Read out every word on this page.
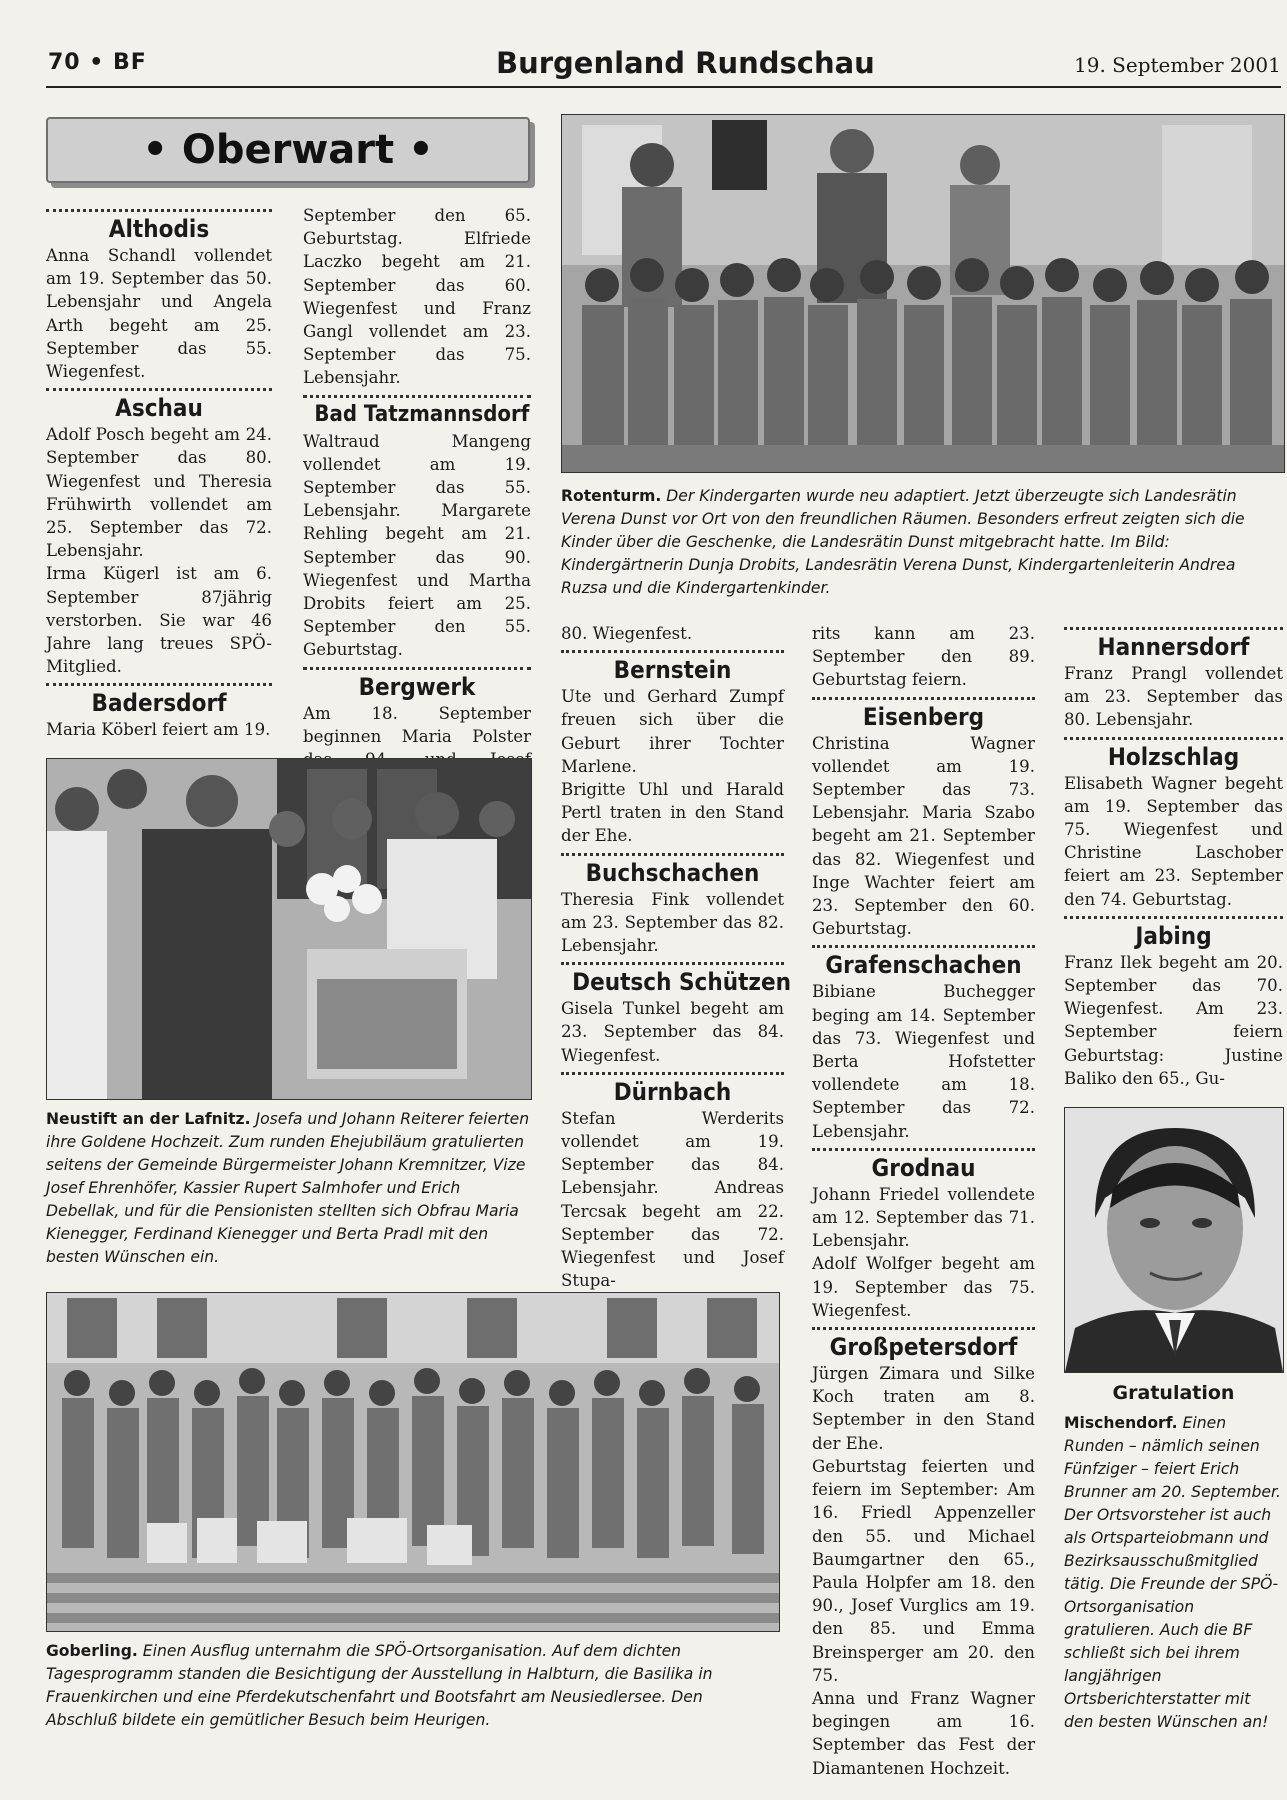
70 • BF	Burgenland Rundschau	19. September 2001
• Oberwart •
Althodis

Anna Schandl vollendet am 19. September das 50. Lebensjahr und Angela Arth begeht am 25. September das 55. Wiegenfest.

Aschau

Adolf Posch begeht am 24. September das 80. Wiegenfest und Theresia Frühwirth vollendet am 25. September das 72. Lebensjahr.

Irma Kügerl ist am 6. September 87jährig verstorben. Sie war 46 Jahre lang treues SPÖ-Mitglied.

Badersdorf

Maria Köberl feiert am 19.

September den 65. Geburtstag. Elfriede Laczko begeht am 21. September das 60. Wiegenfest und Franz Gangl vollendet am 23. September das 75. Lebensjahr.

Bad Tatzmannsdorf

Waltraud Mangeng vollendet am 19. September das 55. Lebensjahr. Margarete Rehling begeht am 21. September das 90. Wiegenfest und Martha Drobits feiert am 25. September den 55. Geburtstag.

Bergwerk

Am 18. September beginnen Maria Polster

Rotenturm. Der Kindergarten wurde neu adaptiert. Jetzt überzeugte sich Landesrätin Verena Dunst vor Ort von den freundlichen Räumen. Besonders erfreut zeigten sich die Kinder über die Geschenke, die Landesrätin Dunst mitgebracht hatte. Im Bild: Kindergärtnerin Dunja Drobits, Landesrätin Verena Dunst, Kindergartenleiterin Andrea Ruzsa und die Kindergartenkinder.
Neustift an der Lafnitz. Josefa und Johann Reiterer feierten ihre Goldene Hochzeit. Zum runden Ehejubiläum gratulierten seitens der Gemeinde Bürgermeister Johann Kremnitzer, Vize Josef Ehrenhöfer, Kassier Rupert Salmhofer und Erich Debellak, und für die Pensionisten stellten sich Obfrau Maria Kienegger, Ferdinand Kienegger und Berta Pradl mit den besten Wünschen ein.
Goberling. Einen Ausflug unternahm die SPÖ-Ortsorganisation. Auf dem dichten Tagesprogramm standen die Besichtigung der Ausstellung in Halbturn, die Basilika in Frauenkirchen und eine Pferdekutschenfahrt und Bootsfahrt am Neusiedlersee. Den Abschluß bildete ein gemütlicher Besuch beim Heurigen.

80. Wiegenfest.

Bernstein

Ute und Gerhard Zumpf freuen sich über die Geburt ihrer Tochter Marlene.

Brigitte Uhl und Harald Pertl traten in den Stand der Ehe.

Buchschachen

Theresia Fink vollendet am 23. September das 82. Lebensjahr.

Deutsch Schützen

Gisela Tunkel begeht am 23. September das 84. Wiegenfest.

Dürnbach

Stefan Werderits vollendet am 19. September das 84. Lebensjahr. Andreas Tercsak begeht am 22. September das 72. Wiegenfest und Josef Stupa-

rits kann am 23. September den 89. Geburtstag feiern.

Eisenberg

Christina Wagner vollendet am 19. September das 73. Lebensjahr. Maria Szabo begeht am 21. September das 82. Wiegenfest und Inge Wachter feiert am 23. September den 60. Geburtstag.

Grafenschachen

Bibiane Buchegger beging am 14. September das 73. Wiegenfest und Berta Hofstetter vollendete am 18. September das 72. Lebensjahr.

Grodnau

Johann Friedel vollendete am 12. September das 71. Lebensjahr.

Adolf Wolfger begeht am 19. September das 75. Wiegenfest.

Großpetersdorf

Jürgen Zimara und Silke Koch traten am 8. September in den Stand der Ehe.

Geburtstag feierten und feiern im September: Am 16. Friedl Appenzeller den 55. und Michael Baumgartner den 65., Paula Holpfer am 18. den 90., Josef Vurglics am 19. den 85. und Emma Breinsperger am 20. den 75.

Anna und Franz Wagner begingen am 16. September das Fest der Diamantenen Hochzeit.

Hannersdorf

Franz Prangl vollendet am 23. September das 80. Lebensjahr.

Holzschlag

Elisabeth Wagner begeht am 19. September das 75. Wiegenfest und Christine Laschober feiert am 23. September den 74. Geburtstag.

Jabing

Franz Ilek begeht am 20. September das 70. Wiegenfest. Am 23. September feiern Geburtstag: Justine Baliko den 65., Gu-

Gratulation
Mischendorf. Einen Runden – nämlich seinen Fünfziger – feiert Erich Brunner am 20. September. Der Ortsvorsteher ist auch als Ortsparteiobmann und Bezirksausschußmitglied tätig. Die Freunde der SPÖ-Ortsorganisation gratulieren. Auch die BF schließt sich bei ihrem langjährigen Ortsberichterstatter mit den besten Wünschen an!
